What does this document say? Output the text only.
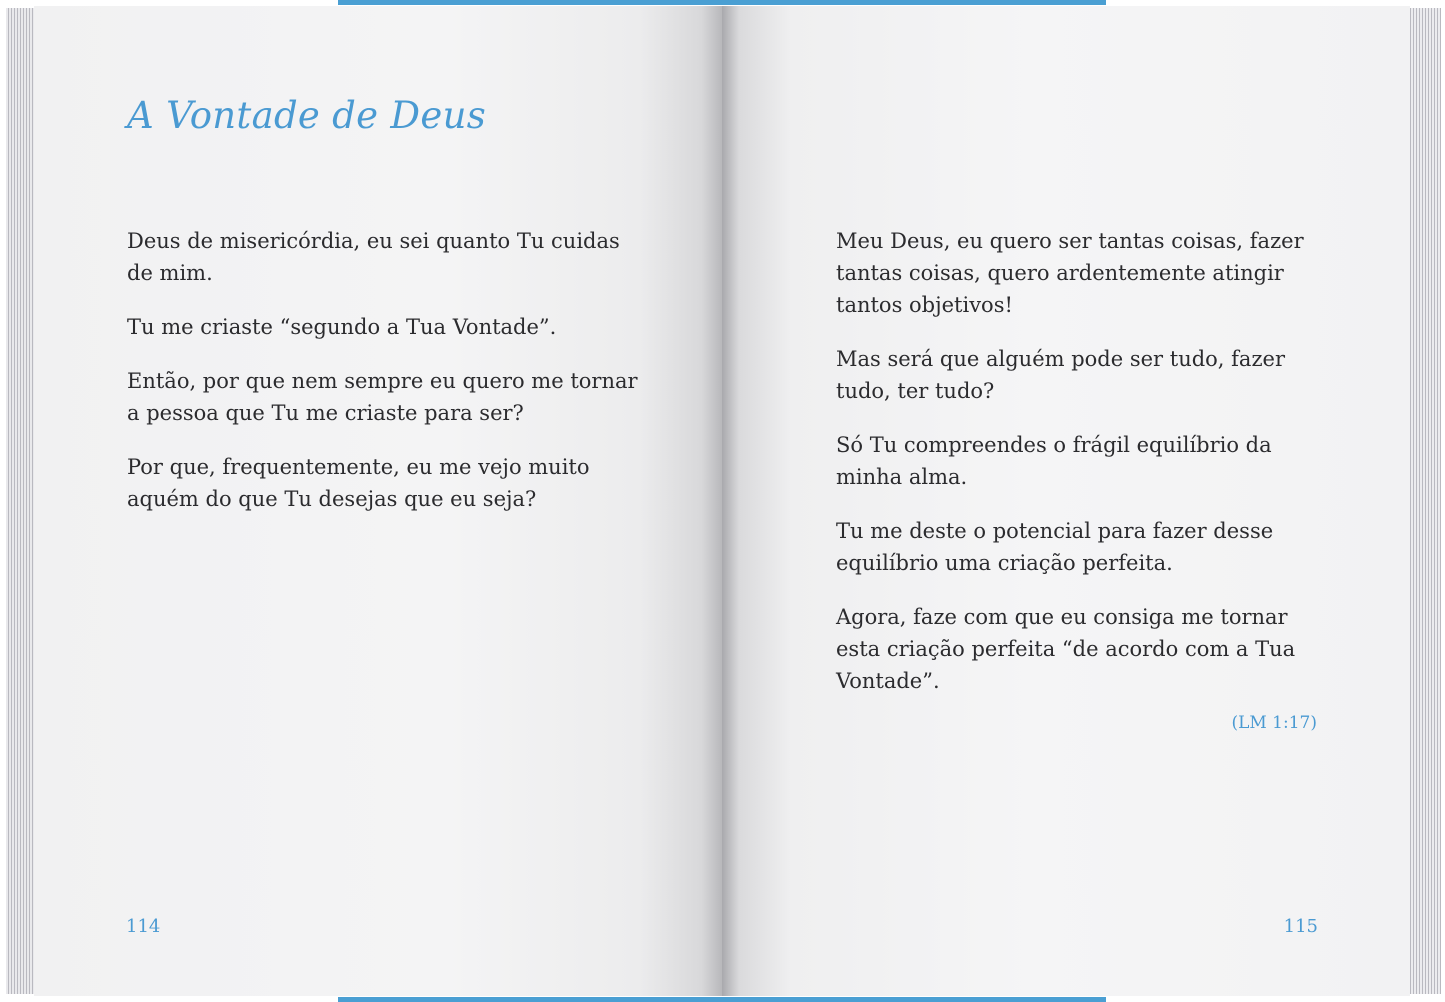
A Vontade de Deus

Deus de misericórdia, eu sei quanto Tu cuidas de mim.

Tu me criaste “segundo a Tua Vontade”.

Então, por que nem sempre eu quero me tornar a pessoa que Tu me criaste para ser?

Por que, frequentemente, eu me vejo muito aquém do que Tu desejas que eu seja?

114

Meu Deus, eu quero ser tantas coisas, fazer tantas coisas, quero ardentemente atingir tantos objetivos!

Mas será que alguém pode ser tudo, fazer tudo, ter tudo?

Só Tu compreendes o frágil equilíbrio da minha alma.

Tu me deste o potencial para fazer desse equilíbrio uma criação perfeita.

Agora, faze com que eu consiga me tornar esta criação perfeita “de acordo com a Tua Vontade”.

(LM 1:17)
115
